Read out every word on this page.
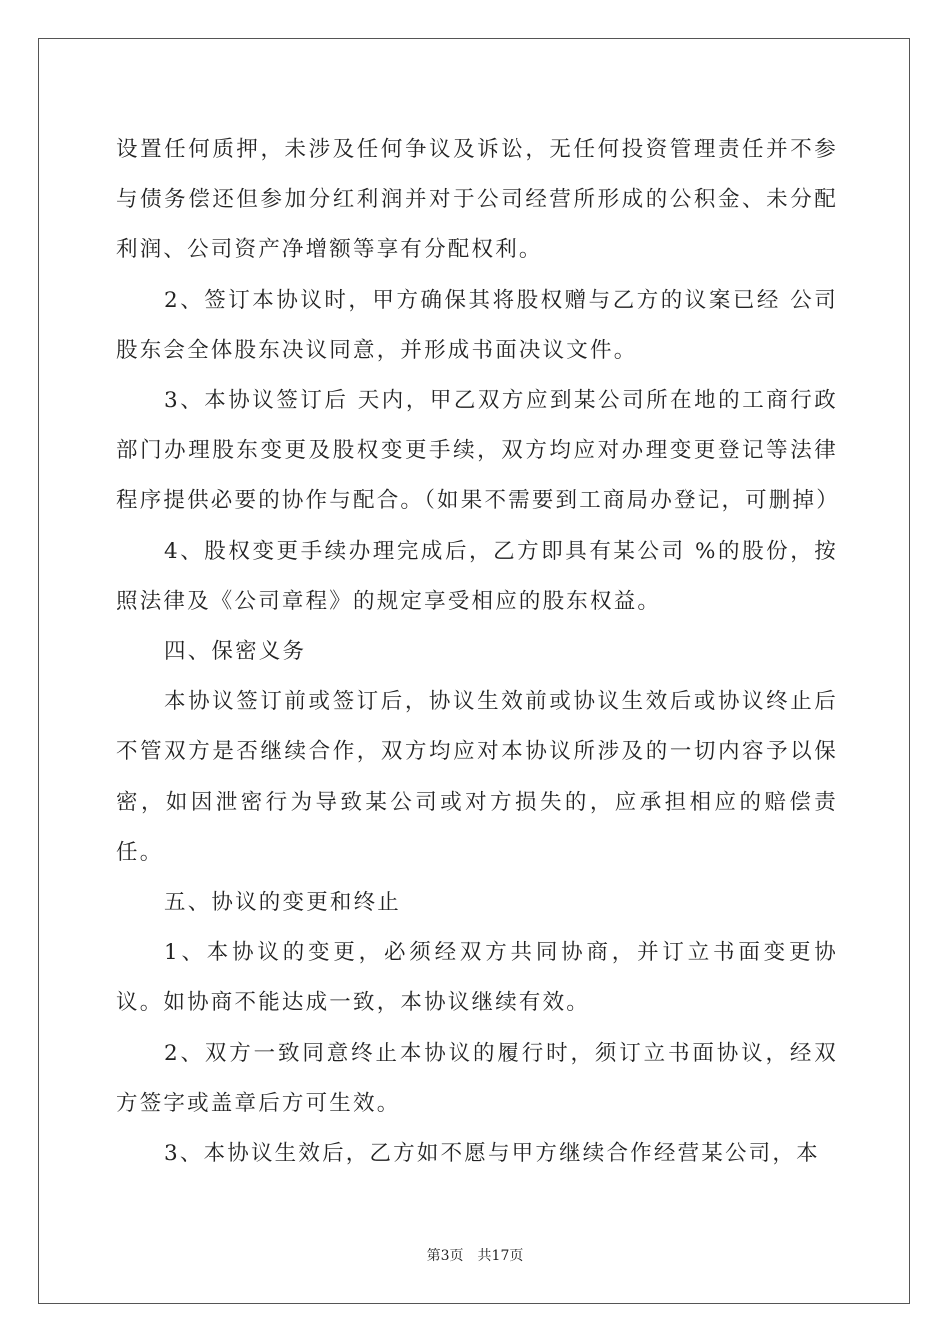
设置任何质押，未涉及任何争议及诉讼，无任何投资管理责任并不参与债务偿还但参加分红利润并对于公司经营所形成的公积金、未分配利润、公司资产净增额等享有分配权利。

2、签订本协议时，甲方确保其将股权赠与乙方的议案已经 公司股东会全体股东决议同意，并形成书面决议文件。

3、本协议签订后 天内，甲乙双方应到某公司所在地的工商行政部门办理股东变更及股权变更手续，双方均应对办理变更登记等法律程序提供必要的协作与配合。（如果不需要到工商局办登记，可删掉）

4、股权变更手续办理完成后，乙方即具有某公司 %的股份，按照法律及《公司章程》的规定享受相应的股东权益。

四、保密义务

本协议签订前或签订后，协议生效前或协议生效后或协议终止后不管双方是否继续合作，双方均应对本协议所涉及的一切内容予以保密，如因泄密行为导致某公司或对方损失的，应承担相应的赔偿责任。

五、协议的变更和终止

1、本协议的变更，必须经双方共同协商，并订立书面变更协议。如协商不能达成一致，本协议继续有效。

2、双方一致同意终止本协议的履行时，须订立书面协议，经双方签字或盖章后方可生效。

3、本协议生效后，乙方如不愿与甲方继续合作经营某公司，本

第3页　共17页
